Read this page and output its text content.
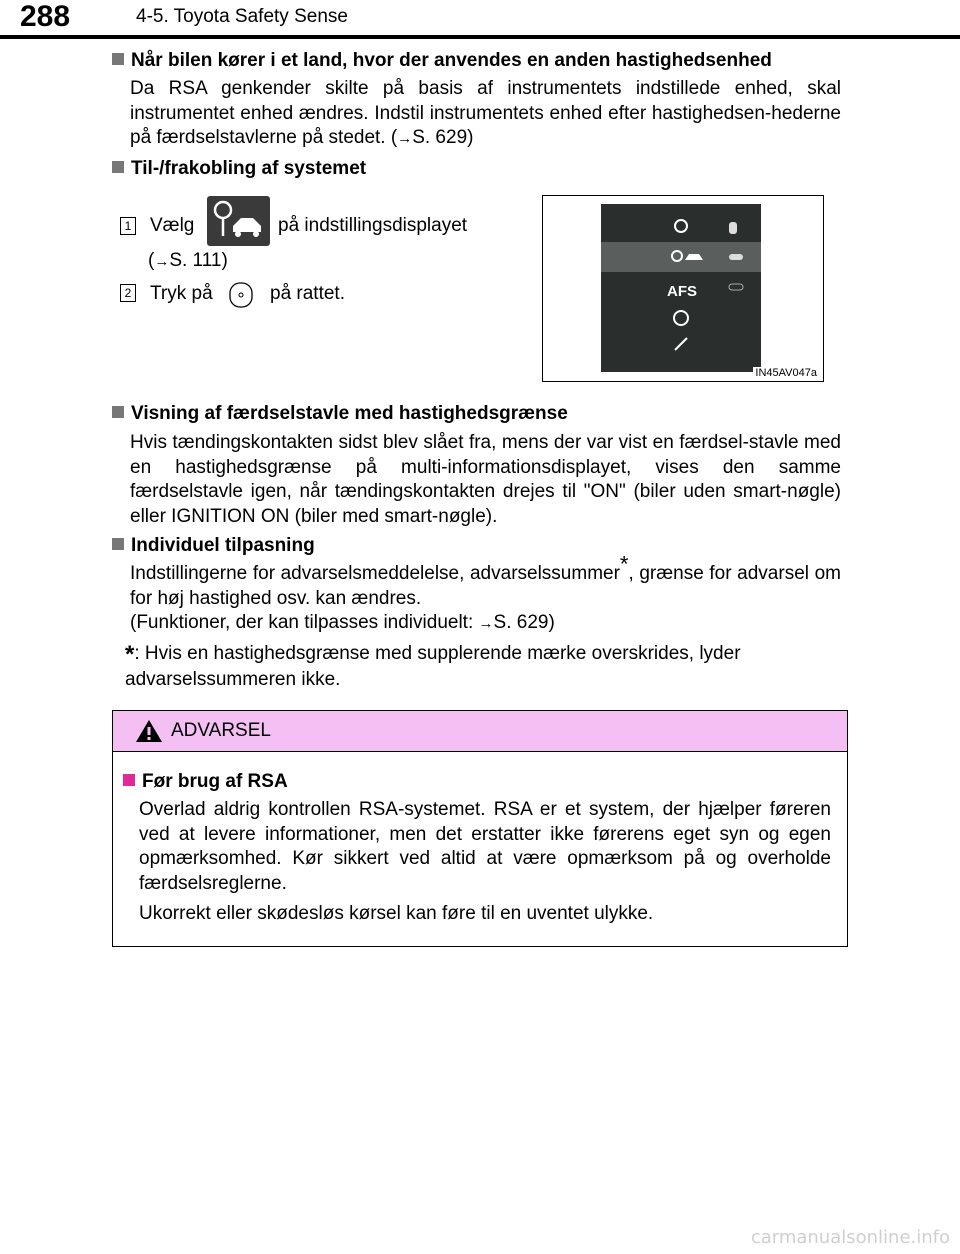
288	4-5. Toyota Safety Sense
Når bilen kører i et land, hvor der anvendes en anden hastighedsenhed
Da RSA genkender skilte på basis af instrumentets indstillede enhed, skal instrumentet enhed ændres. Indstil instrumentets enhed efter hastighedsen-hederne på færdselstavlerne på stedet. (→S. 629)
Til-/frakobling af systemet
1 Vælg	på indstillingsdisplayet
(→S. 111)
2 Tryk på	på rattet.	AFS
IN45AV047a
Visning af færdselstavle med hastighedsgrænse
Hvis tændingskontakten sidst blev slået fra, mens der var vist en færdsel-stavle med en hastighedsgrænse på multi-informationsdisplayet, vises den samme færdselstavle igen, når tændingskontakten drejes til "ON" (biler uden smart-nøgle) eller IGNITION ON (biler med smart-nøgle).
Individuel tilpasning
Indstillingerne for advarselsmeddelelse, advarselssummer*, grænse for advarsel om for høj hastighed osv. kan ændres.
(Funktioner, der kan tilpasses individuelt: →S. 629)
*: Hvis en hastighedsgrænse med supplerende mærke overskrides, lyder advarselssummeren ikke.
ADVARSEL
Før brug af RSA
Overlad aldrig kontrollen RSA-systemet. RSA er et system, der hjælper føreren ved at levere informationer, men det erstatter ikke førerens eget syn og egen opmærksomhed. Kør sikkert ved altid at være opmærksom på og overholde færdselsreglerne.
Ukorrekt eller skødesløs kørsel kan føre til en uventet ulykke.
carmanualsonline.info
